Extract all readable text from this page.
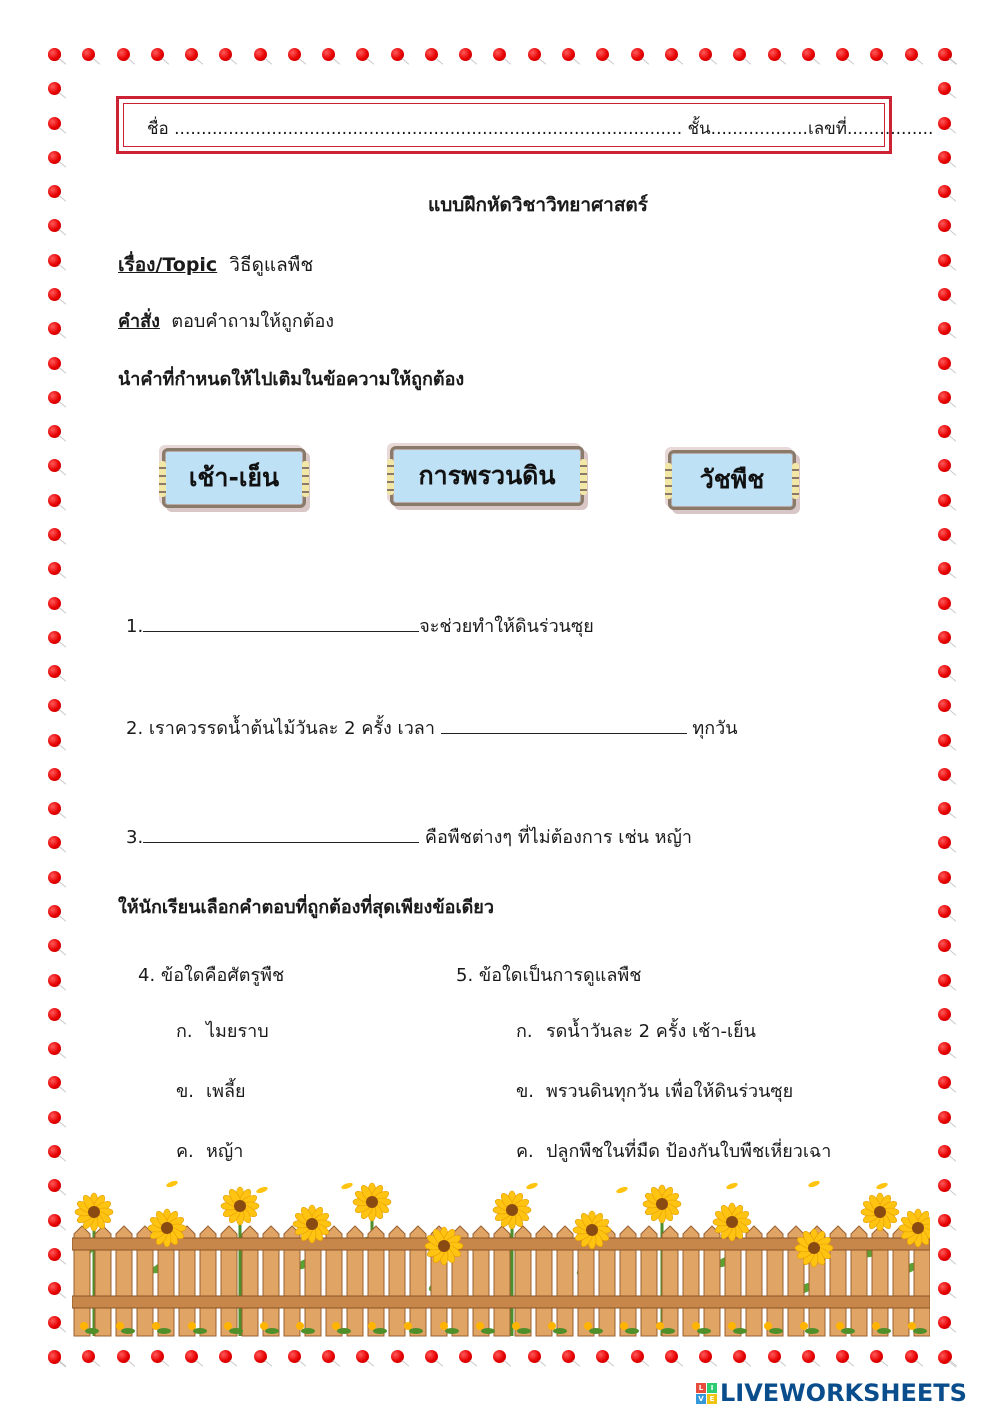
ชื่อ .............................................................................................. ชั้น..................เลขที่................
แบบฝึกหัดวิชาวิทยาศาสตร์
เรื่อง/Topic วิธีดูแลพืช
คำสั่ง ตอบคำถามให้ถูกต้อง
นำคำที่กำหนดให้ไปเติมในข้อความให้ถูกต้อง
เช้า-เย็น	การพรวนดิน	วัชพืช
1.	จะช่วยทำให้ดินร่วนซุย
2. เราควรรดน้ำต้นไม้วันละ 2 ครั้ง เวลา	ทุกวัน
3.	คือพืชต่างๆ ที่ไม่ต้องการ เช่น หญ้า
ให้นักเรียนเลือกคำตอบที่ถูกต้องที่สุดเพียงข้อเดียว
4. ข้อใดคือศัตรูพืช
ก. ไมยราบ
ข. เพลี้ย
ค. หญ้า
5. ข้อใดเป็นการดูแลพืช
ก. รดน้ำวันละ 2 ครั้ง เช้า-เย็น
ข. พรวนดินทุกวัน เพื่อให้ดินร่วนซุย
ค. ปลูกพืชในที่มืด ป้องกันใบพืชเหี่ยวเฉา
L	I
V E LIVEWORKSHEETS
